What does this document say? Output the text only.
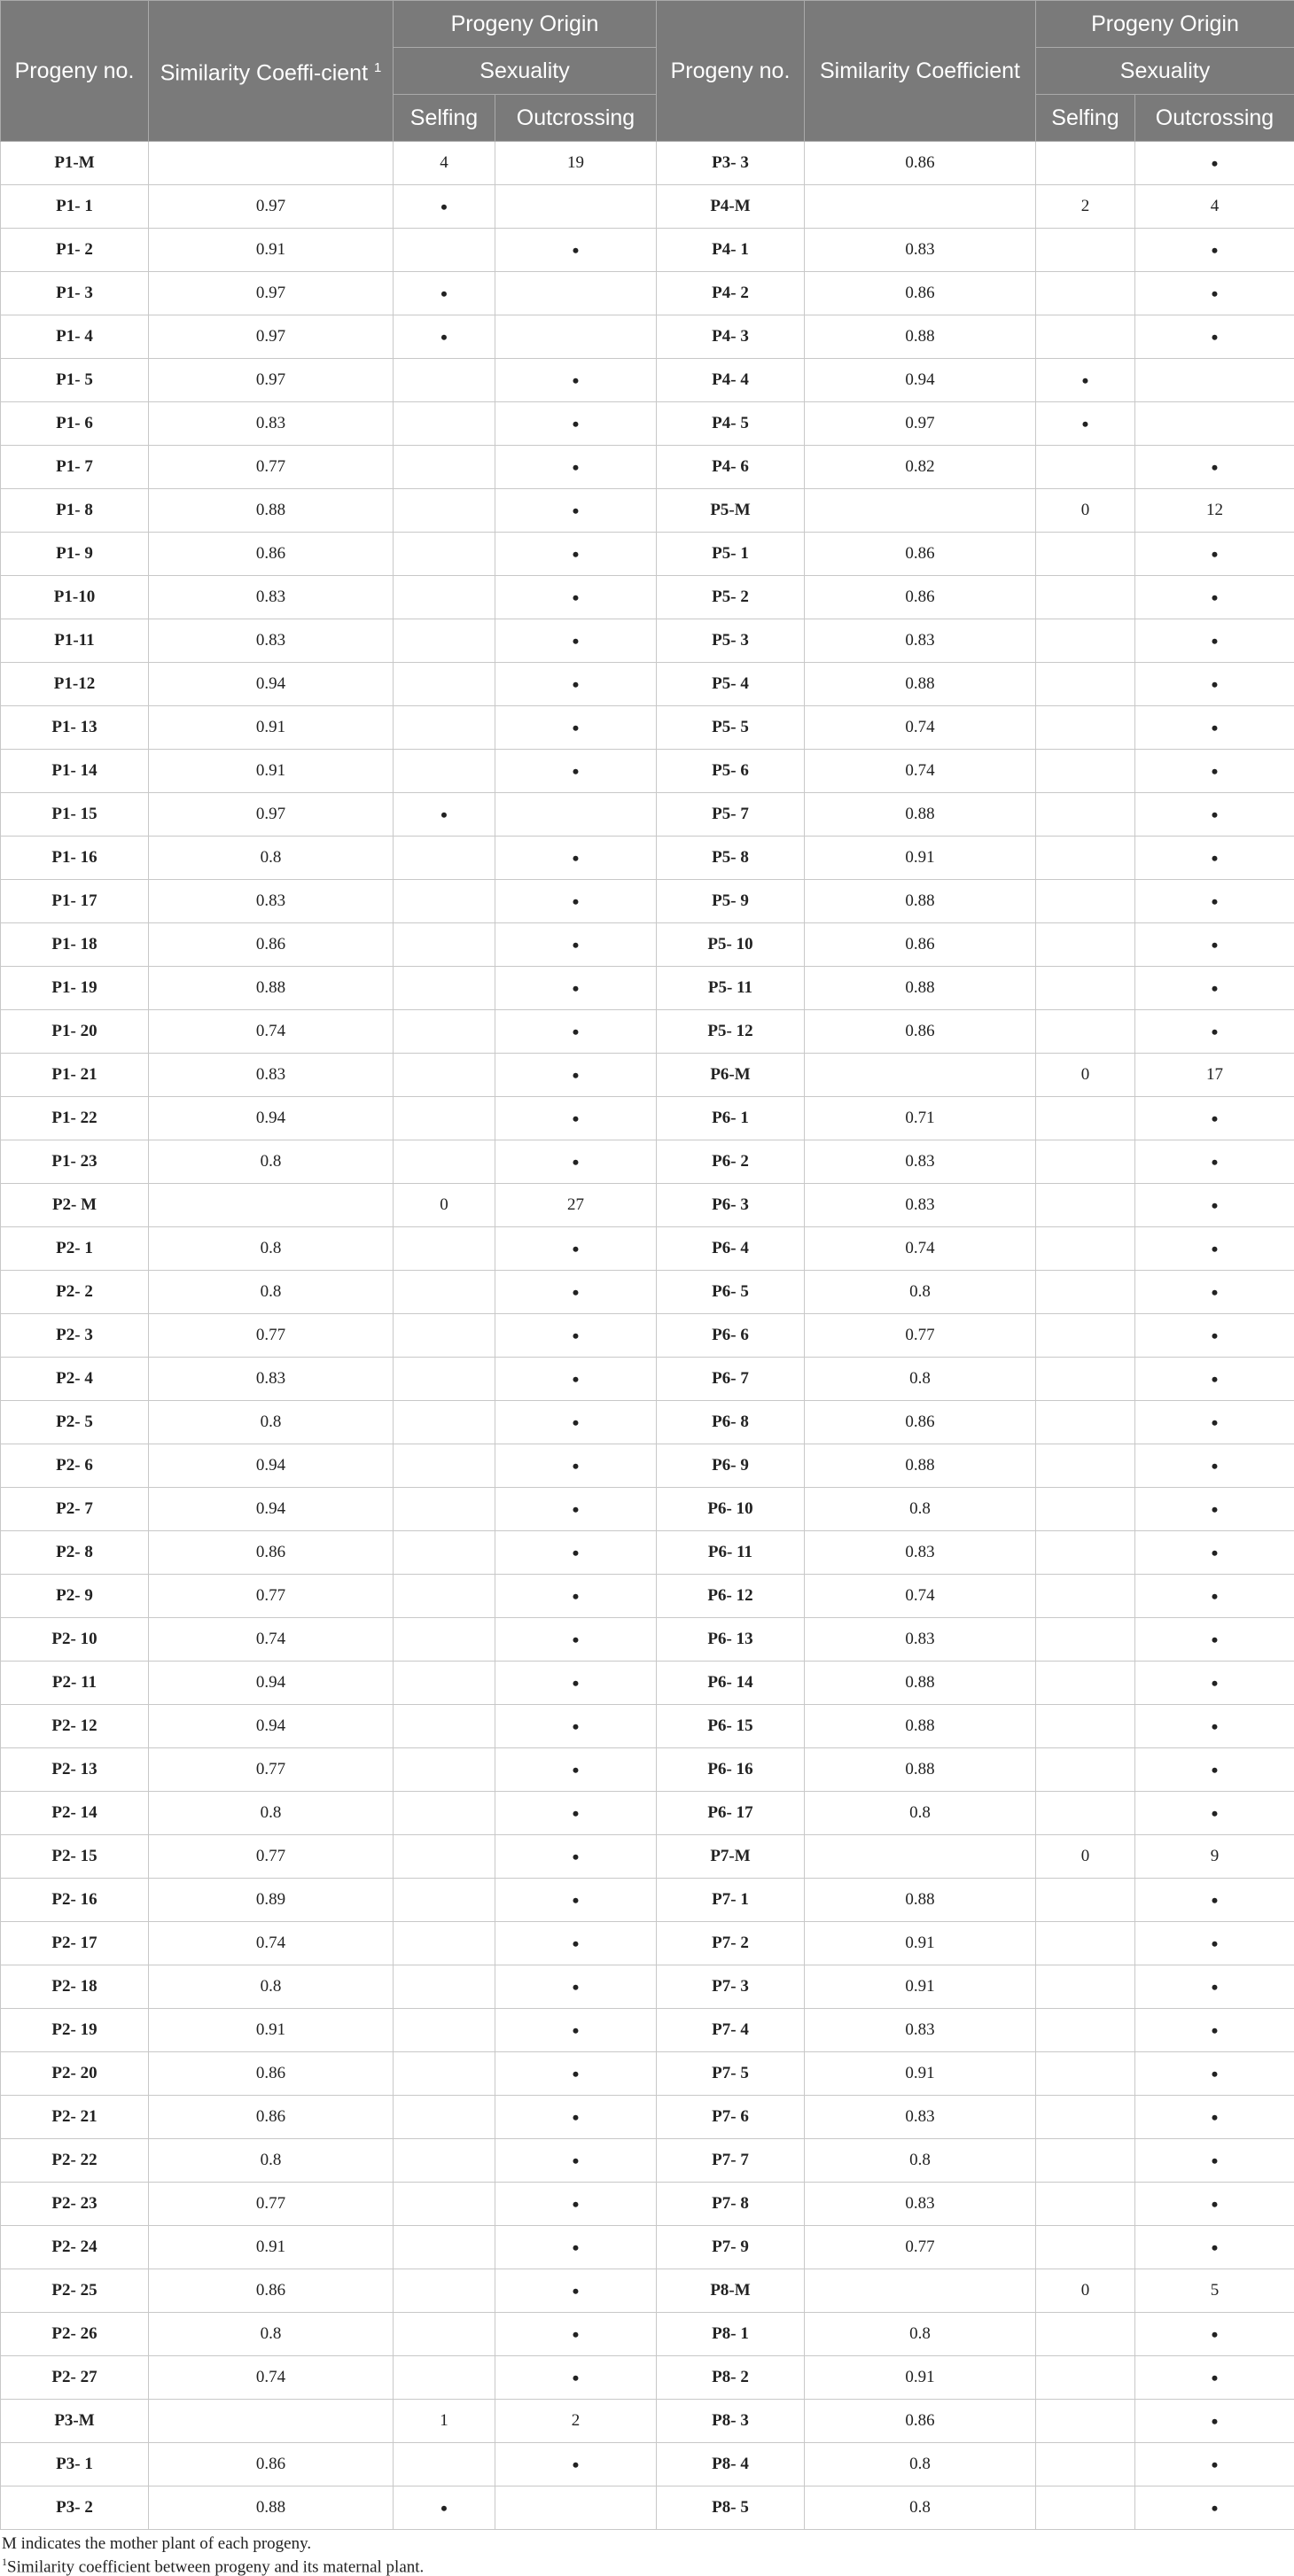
Progeny no.	Similarity Coeffi-cient $^1$	Progeny Origin		Progeny no.	Similarity Coefficient	Progeny Origin	
		Sexuality				Sexuality	
		Selfing	Outcrossing			Selfing	Outcrossing
P1-M		4	19	P3- 3	0.86		•
P1- 1	0.97	•		P4-M		2	4
P1- 2	0.91		•	P4- 1	0.83		•
P1- 3	0.97	•		P4- 2	0.86		•
P1- 4	0.97	•		P4- 3	0.88		•
P1- 5	0.97		•	P4- 4	0.94	•	
P1- 6	0.83		•	P4- 5	0.97	•	
P1- 7	0.77		•	P4- 6	0.82		•
P1- 8	0.88		•	P5-M		0	12
P1- 9	0.86		•	P5- 1	0.86		•
P1-10	0.83		•	P5- 2	0.86		•
P1-11	0.83		•	P5- 3	0.83		•
P1-12	0.94		•	P5- 4	0.88		•
P1- 13	0.91		•	P5- 5	0.74		•
P1- 14	0.91		•	P5- 6	0.74		•
P1- 15	0.97	•		P5- 7	0.88		•
P1- 16	0.8		•	P5- 8	0.91		•
P1- 17	0.83		•	P5- 9	0.88		•
P1- 18	0.86		•	P5- 10	0.86		•
P1- 19	0.88		•	P5- 11	0.88		•
P1- 20	0.74		•	P5- 12	0.86		•
P1- 21	0.83		•	P6-M		0	17
P1- 22	0.94		•	P6- 1	0.71		•
P1- 23	0.8		•	P6- 2	0.83		•
P2- M		0	27	P6- 3	0.83		•
P2- 1	0.8		•	P6- 4	0.74		•
P2- 2	0.8		•	P6- 5	0.8		•
P2- 3	0.77		•	P6- 6	0.77		•
P2- 4	0.83		•	P6- 7	0.8		•
P2- 5	0.8		•	P6- 8	0.86		•
P2- 6	0.94		•	P6- 9	0.88		•
P2- 7	0.94		•	P6- 10	0.8		•
P2- 8	0.86		•	P6- 11	0.83		•
P2- 9	0.77		•	P6- 12	0.74		•
P2- 10	0.74		•	P6- 13	0.83		•
P2- 11	0.94		•	P6- 14	0.88		•
P2- 12	0.94		•	P6- 15	0.88		•
P2- 13	0.77		•	P6- 16	0.88		•
P2- 14	0.8		•	P6- 17	0.8		•
P2- 15	0.77		•	P7-M		0	9
P2- 16	0.89		•	P7- 1	0.88		•
P2- 17	0.74		•	P7- 2	0.91		•
P2- 18	0.8		•	P7- 3	0.91		•
P2- 19	0.91		•	P7- 4	0.83		•
P2- 20	0.86		•	P7- 5	0.91		•
P2- 21	0.86		•	P7- 6	0.83		•
P2- 22	0.8		•	P7- 7	0.8		•
P2- 23	0.77		•	P7- 8	0.83		•
P2- 24	0.91		•	P7- 9	0.77		•
P2- 25	0.86		•	P8-M		0	5
P2- 26	0.8		•	P8- 1	0.8		•
P2- 27	0.74		•	P8- 2	0.91		•
P3-M		1	2	P8- 3	0.86		•
P3- 1	0.86		•	P8- 4	0.8		•
P3- 2	0.88	•		P8- 5	0.8		•
M indicates the mother plant of each progeny.
$^1$Similarity coefficient between progeny and its maternal plant.
